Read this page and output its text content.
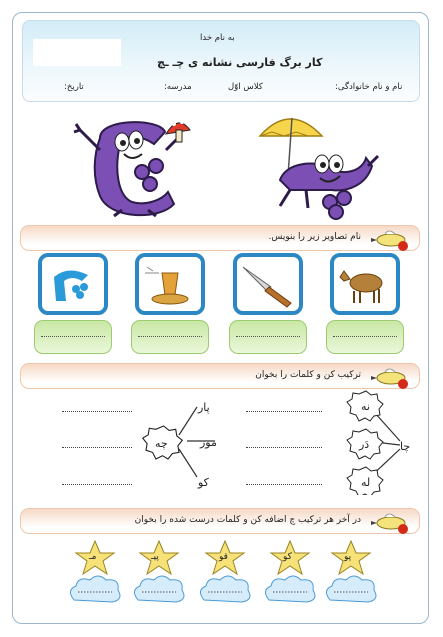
به نام خدا
کار برگ فارسی نشانه ی چـ ـچ
نام و نام خانوادگی:
کلاس اوّل
مدرسه:
تاریخ:
نام تصاویر زیر را بنویس.
ترکیب کن و کلمات را بخوان
چا
نه
دَر
له
چه
پار
مور
کو
در آخر هر ترکیب چ اضافه کن و کلمات درست شده را بخوان
پو
کو
قو
پیـ
مـ
